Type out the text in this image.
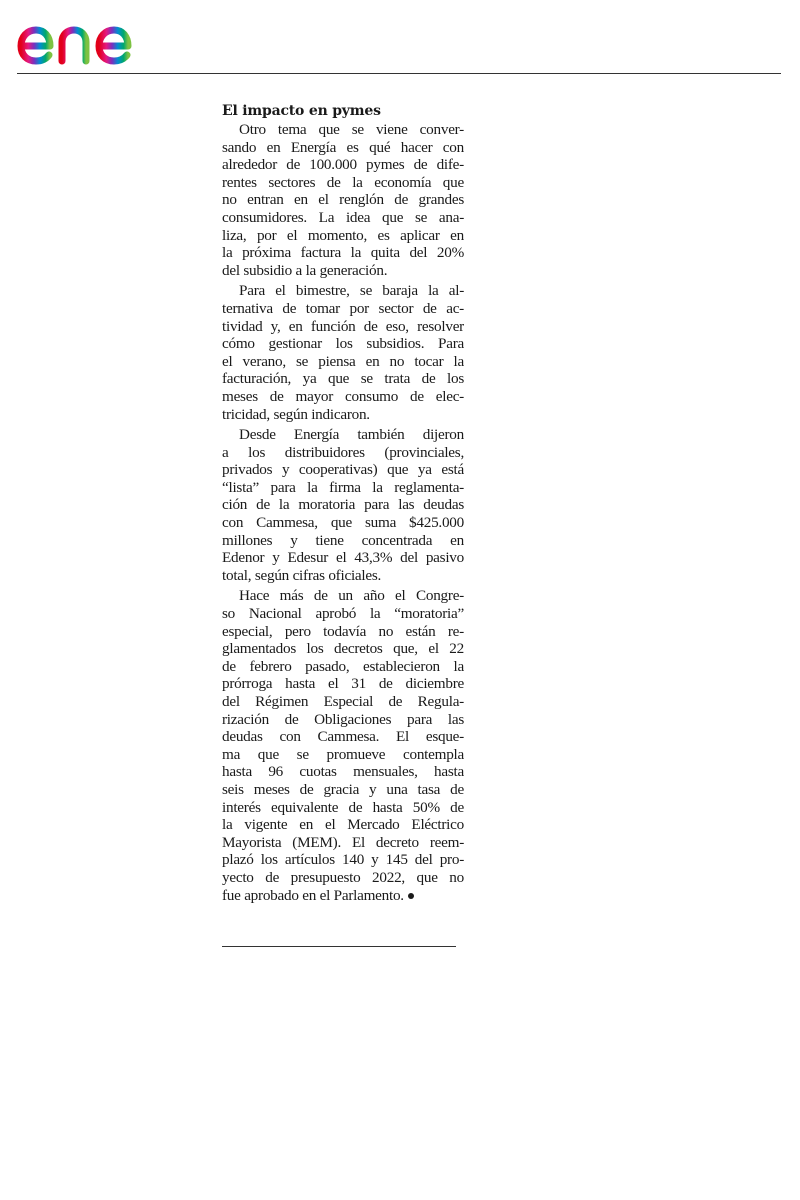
El impacto en pymes
Otro tema que se viene conver-
sando en Energía es qué hacer con
alrededor de 100.000 pymes de dife-
rentes sectores de la economía que
no entran en el renglón de grandes
consumidores. La idea que se ana-
liza, por el momento, es aplicar en
la próxima factura la quita del 20%
del subsidio a la generación.
Para el bimestre, se baraja la al-
ternativa de tomar por sector de ac-
tividad y, en función de eso, resolver
cómo gestionar los subsidios. Para
el verano, se piensa en no tocar la
facturación, ya que se trata de los
meses de mayor consumo de elec-
tricidad, según indicaron.
Desde Energía también dijeron
a los distribuidores (provinciales,
privados y cooperativas) que ya está
“lista” para la firma la reglamenta-
ción de la moratoria para las deudas
con Cammesa, que suma $425.000
millones y tiene concentrada en
Edenor y Edesur el 43,3% del pasivo
total, según cifras oficiales.
Hace más de un año el Congre-
so Nacional aprobó la “moratoria”
especial, pero todavía no están re-
glamentados los decretos que, el 22
de febrero pasado, establecieron la
prórroga hasta el 31 de diciembre
del Régimen Especial de Regula-
rización de Obligaciones para las
deudas con Cammesa. El esque-
ma que se promueve contempla
hasta 96 cuotas mensuales, hasta
seis meses de gracia y una tasa de
interés equivalente de hasta 50% de
la vigente en el Mercado Eléctrico
Mayorista (MEM). El decreto reem-
plazó los artículos 140 y 145 del pro-
yecto de presupuesto 2022, que no
fue aprobado en el Parlamento.
